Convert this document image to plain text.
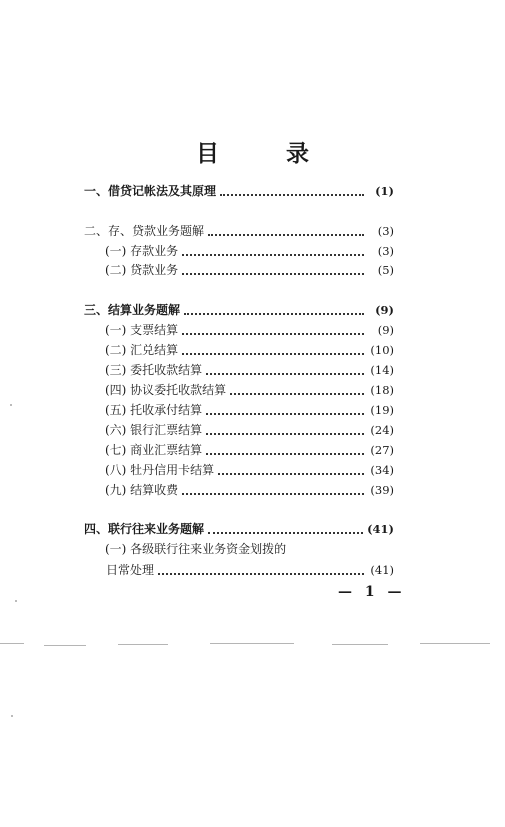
目　录
一、借贷记帐法及其原理	(1)
二、存、贷款业务题解	(3)
(一) 存款业务	(3)
(二) 贷款业务	(5)
三、结算业务题解	(9)
(一) 支票结算	(9)
(二) 汇兑结算	(10)
(三) 委托收款结算	(14)
(四) 协议委托收款结算	(18)
(五) 托收承付结算	(19)
(六) 银行汇票结算	(24)
(七) 商业汇票结算	(27)
(八) 牡丹信用卡结算	(34)
(九) 结算收费	(39)
四、联行往来业务题解	(41)
(一) 各级联行往来业务资金划拨的
日常处理	(41)
— 1 —
